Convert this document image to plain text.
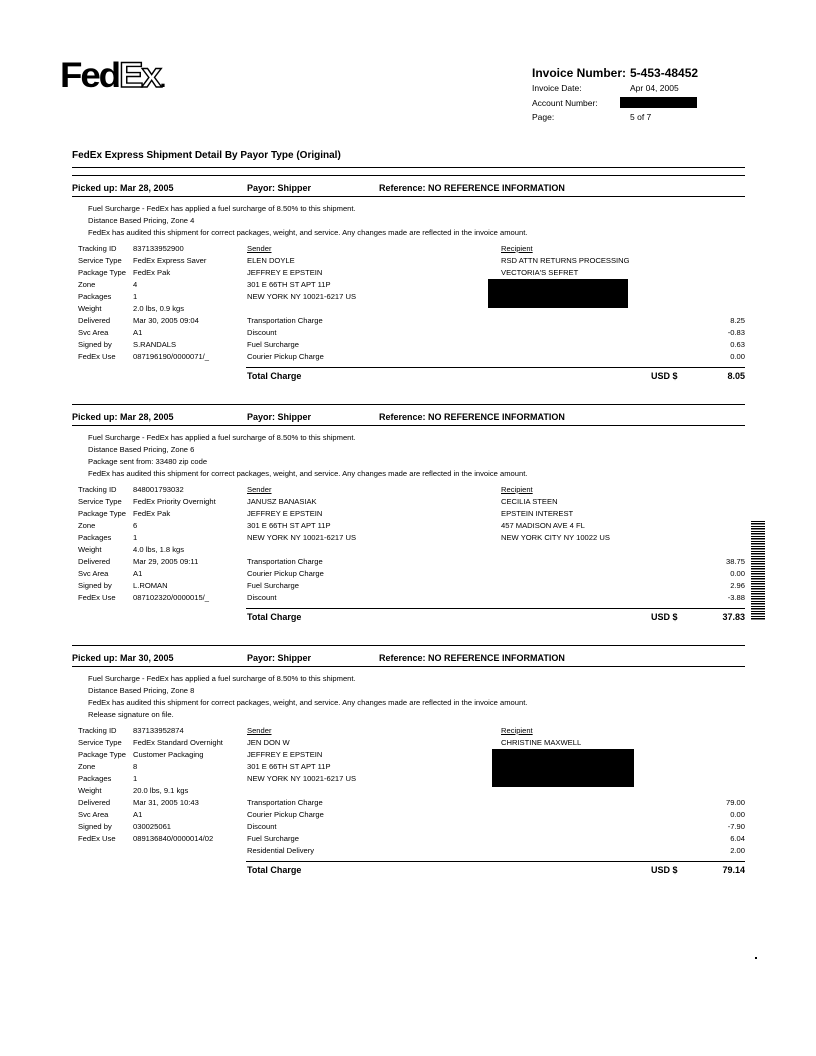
FedEx.	Invoice Number: 5-453-48452
Invoice Date:	Apr 04, 2005
Account Number:
Page:	5 of 7
FedEx Express Shipment Detail By Payor Type (Original)
Picked up: Mar 28, 2005	Payor: Shipper	Reference: NO REFERENCE INFORMATION
Fuel Surcharge - FedEx has applied a fuel surcharge of 8.50% to this shipment.
Distance Based Pricing, Zone 4
FedEx has audited this shipment for correct packages, weight, and service. Any changes made are reflected in the invoice amount.
Tracking ID 837133952900
Service Type FedEx Express Saver
Package Type FedEx Pak
Zone	4
Packages	1
Weight	2.0 lbs, 0.9 kgs
Delivered	Mar 30, 2005 09:04
Svc Area	A1
Signed by	S.RANDALS
FedEx Use 087196190/0000071/_
Sender
ELEN DOYLE
JEFFREY E EPSTEIN
301 E 66TH ST APT 11P
NEW YORK NY 10021-6217 US
Recipient
RSD ATTN RETURNS PROCESSING
VECTORIA'S SEFRET
Transportation Charge	8.25
Discount	-0.83
Fuel Surcharge	0.63
Courier Pickup Charge	0.00
Total Charge	USD $	8.05
Picked up: Mar 28, 2005	Payor: Shipper	Reference: NO REFERENCE INFORMATION
Fuel Surcharge - FedEx has applied a fuel surcharge of 8.50% to this shipment.
Distance Based Pricing, Zone 6
Package sent from: 33480 zip code
FedEx has audited this shipment for correct packages, weight, and service. Any changes made are reflected in the invoice amount.
Tracking ID 848001793032
Service Type FedEx Priority Overnight
Package Type FedEx Pak
Zone	6
Packages	1
Weight	4.0 lbs, 1.8 kgs
Delivered	Mar 29, 2005 09:11
Svc Area	A1
Signed by	L.ROMAN
FedEx Use 087102320/0000015/_
Sender
JANUSZ BANASIAK
JEFFREY E EPSTEIN
301 E 66TH ST APT 11P
NEW YORK NY 10021-6217 US
Recipient
CECILIA STEEN
EPSTEIN INTEREST
457 MADISON AVE 4 FL
NEW YORK CITY NY 10022 US
Transportation Charge	38.75
Courier Pickup Charge	0.00
Fuel Surcharge	2.96
Discount	-3.88
Total Charge	USD $	37.83
Picked up: Mar 30, 2005	Payor: Shipper	Reference: NO REFERENCE INFORMATION
Fuel Surcharge - FedEx has applied a fuel surcharge of 8.50% to this shipment.
Distance Based Pricing, Zone 8
FedEx has audited this shipment for correct packages, weight, and service. Any changes made are reflected in the invoice amount.
Release signature on file.
Tracking ID 837133952874
Service Type FedEx Standard Overnight
Package Type Customer Packaging
Zone	8
Packages	1
Weight	20.0 lbs, 9.1 kgs
Delivered	Mar 31, 2005 10:43
Svc Area	A1
Signed by	030025061
FedEx Use 089136840/0000014/02
Sender
JEN DON W
JEFFREY E EPSTEIN
301 E 66TH ST APT 11P
NEW YORK NY 10021-6217 US
Recipient
CHRISTINE MAXWELL
Transportation Charge	79.00
Courier Pickup Charge	0.00
Discount	-7.90
Fuel Surcharge	6.04
Residential Delivery	2.00
Total Charge	USD $	79.14
